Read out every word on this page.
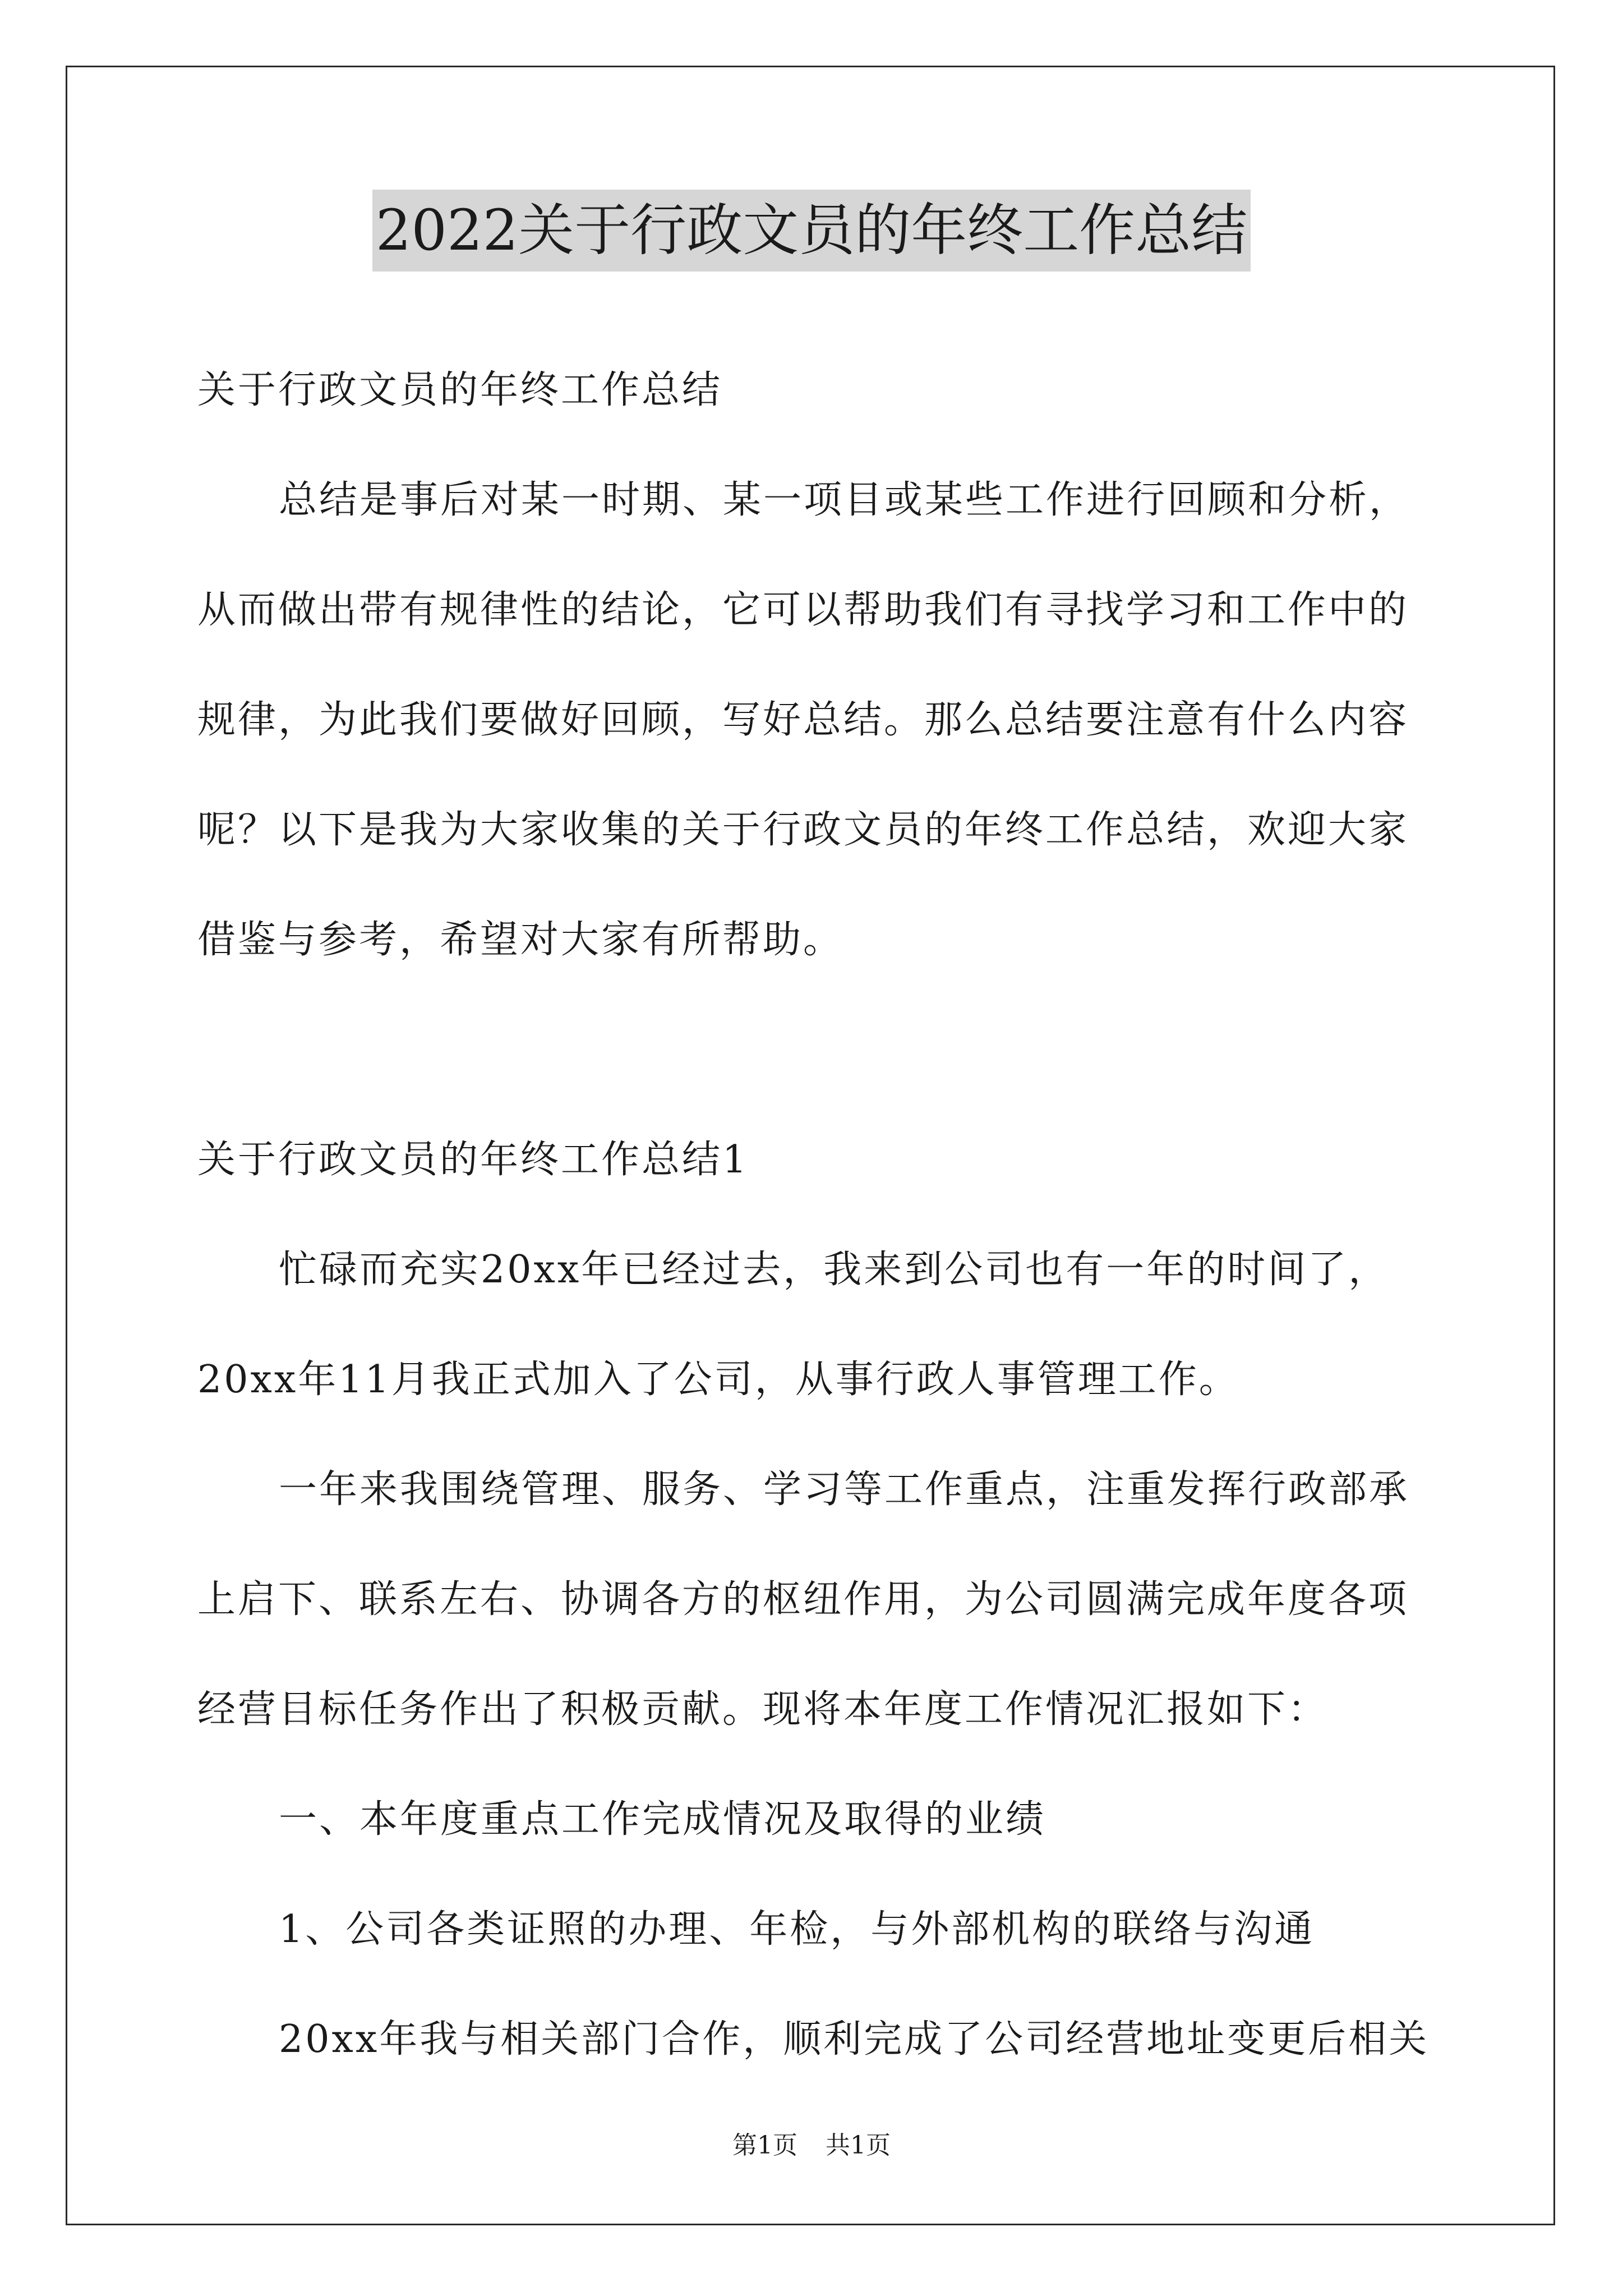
2022关于行政文员的年终工作总结
关于行政文员的年终工作总结
总结是事后对某一时期、某一项目或某些工作进行回顾和分析，
从而做出带有规律性的结论，它可以帮助我们有寻找学习和工作中的
规律，为此我们要做好回顾，写好总结。那么总结要注意有什么内容
呢？以下是我为大家收集的关于行政文员的年终工作总结，欢迎大家
借鉴与参考，希望对大家有所帮助。
关于行政文员的年终工作总结1
忙碌而充实20xx年已经过去，我来到公司也有一年的时间了，
20xx年11月我正式加入了公司，从事行政人事管理工作。
一年来我围绕管理、服务、学习等工作重点，注重发挥行政部承
上启下、联系左右、协调各方的枢纽作用，为公司圆满完成年度各项
经营目标任务作出了积极贡献。现将本年度工作情况汇报如下：
一、本年度重点工作完成情况及取得的业绩
1、公司各类证照的办理、年检，与外部机构的联络与沟通
20xx年我与相关部门合作，顺利完成了公司经营地址变更后相关
第1页 共1页
